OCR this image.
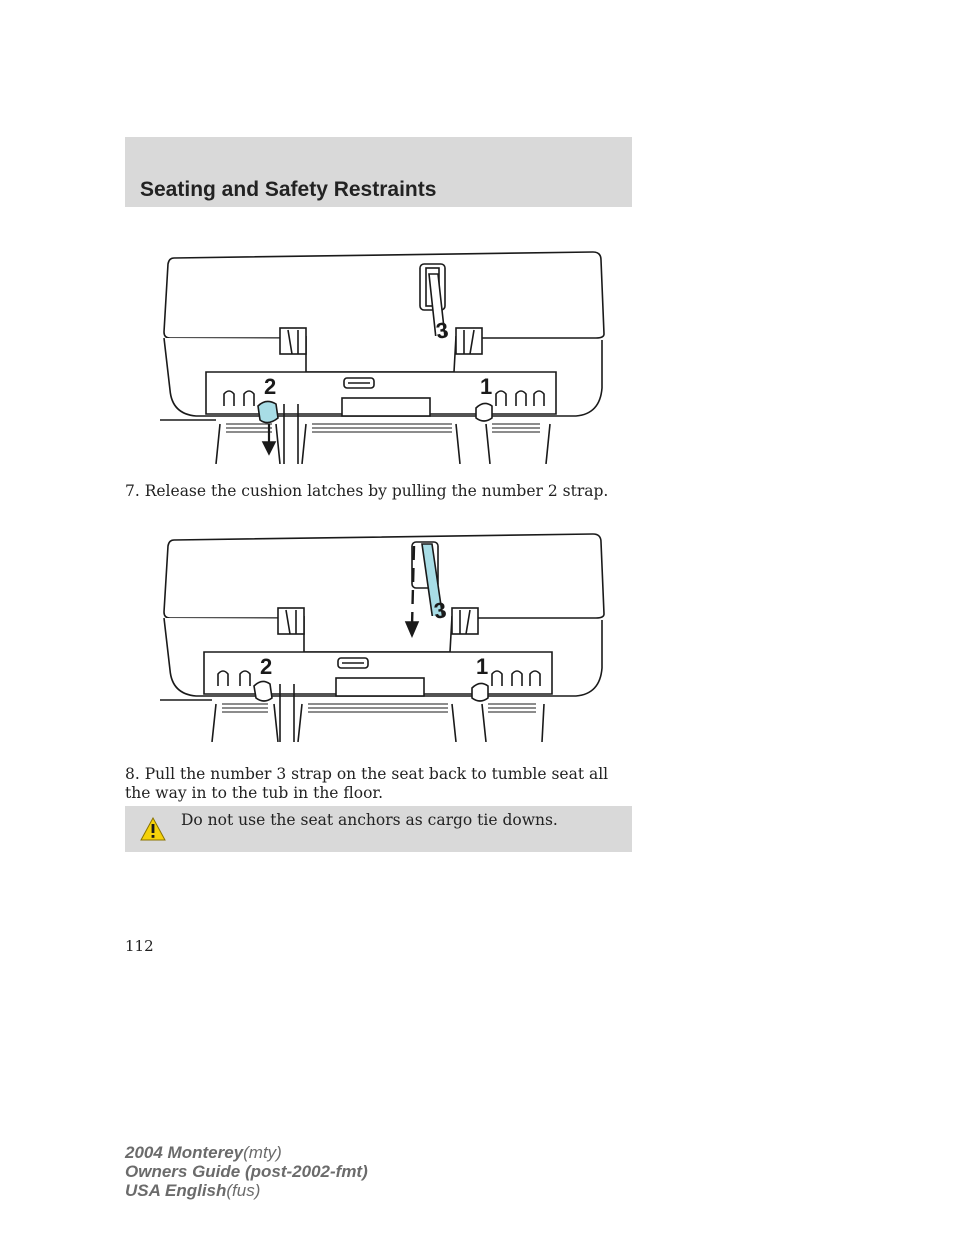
Seating and Safety Restraints
3
2	1
7. Release the cushion latches by pulling the number 2 strap.
3
2	1
8. Pull the number 3 strap on the seat back to tumble seat all the way in to the tub in the floor.
Do not use the seat anchors as cargo tie downs.
112
2004 Monterey(mty)
Owners Guide (post-2002-fmt)
USA English(fus)
